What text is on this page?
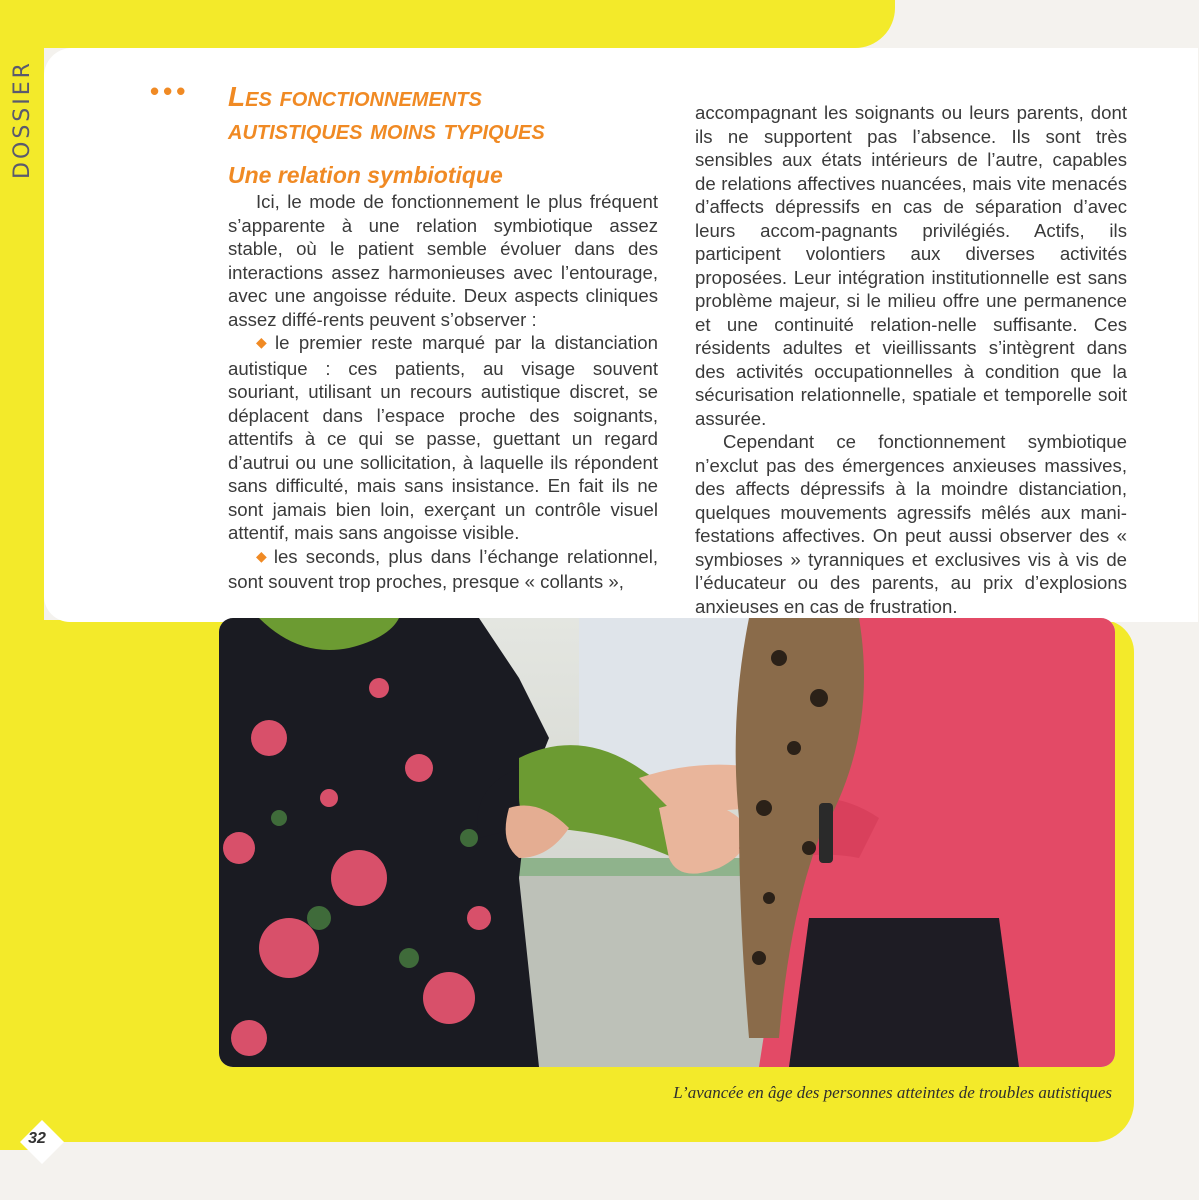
DOSSIER	••• Les fonctionnements
autistiques moins typiques
Une relation symbiotique

Ici, le mode de fonctionnement le plus fréquent s’apparente à une relation symbiotique assez stable, où le patient semble évoluer dans des interactions assez harmonieuses avec l’entourage, avec une angoisse réduite. Deux aspects cliniques assez diffé-rents peuvent s’observer :

◆ le premier reste marqué par la distanciation autistique : ces patients, au visage souvent souriant, utilisant un recours autistique discret, se déplacent dans l’espace proche des soignants, attentifs à ce qui se passe, guettant un regard d’autrui ou une sollicitation, à laquelle ils répondent sans difficulté, mais sans insistance. En fait ils ne sont jamais bien loin, exerçant un contrôle visuel attentif, mais sans angoisse visible.

◆ les seconds, plus dans l’échange relationnel, sont souvent trop proches, presque « collants »,

accompagnant les soignants ou leurs parents, dont ils ne supportent pas l’absence. Ils sont très sensibles aux états intérieurs de l’autre, capables de relations affectives nuancées, mais vite menacés d’affects dépressifs en cas de séparation d’avec leurs accom-pagnants privilégiés. Actifs, ils participent volontiers aux diverses activités proposées. Leur intégration institutionnelle est sans problème majeur, si le milieu offre une permanence et une continuité relation-nelle suffisante. Ces résidents adultes et vieillissants s’intègrent dans des activités occupationnelles à condition que la sécurisation relationnelle, spatiale et temporelle soit assurée.

Cependant ce fonctionnement symbiotique n’exclut pas des émergences anxieuses massives, des affects dépressifs à la moindre distanciation, quelques mouvements agressifs mêlés aux mani-festations affectives. On peut aussi observer des « symbioses » tyranniques et exclusives vis à vis de l’éducateur ou des parents, au prix d’explosions anxieuses en cas de frustration.

L’avancée en âge des personnes atteintes de troubles autistiques

32
